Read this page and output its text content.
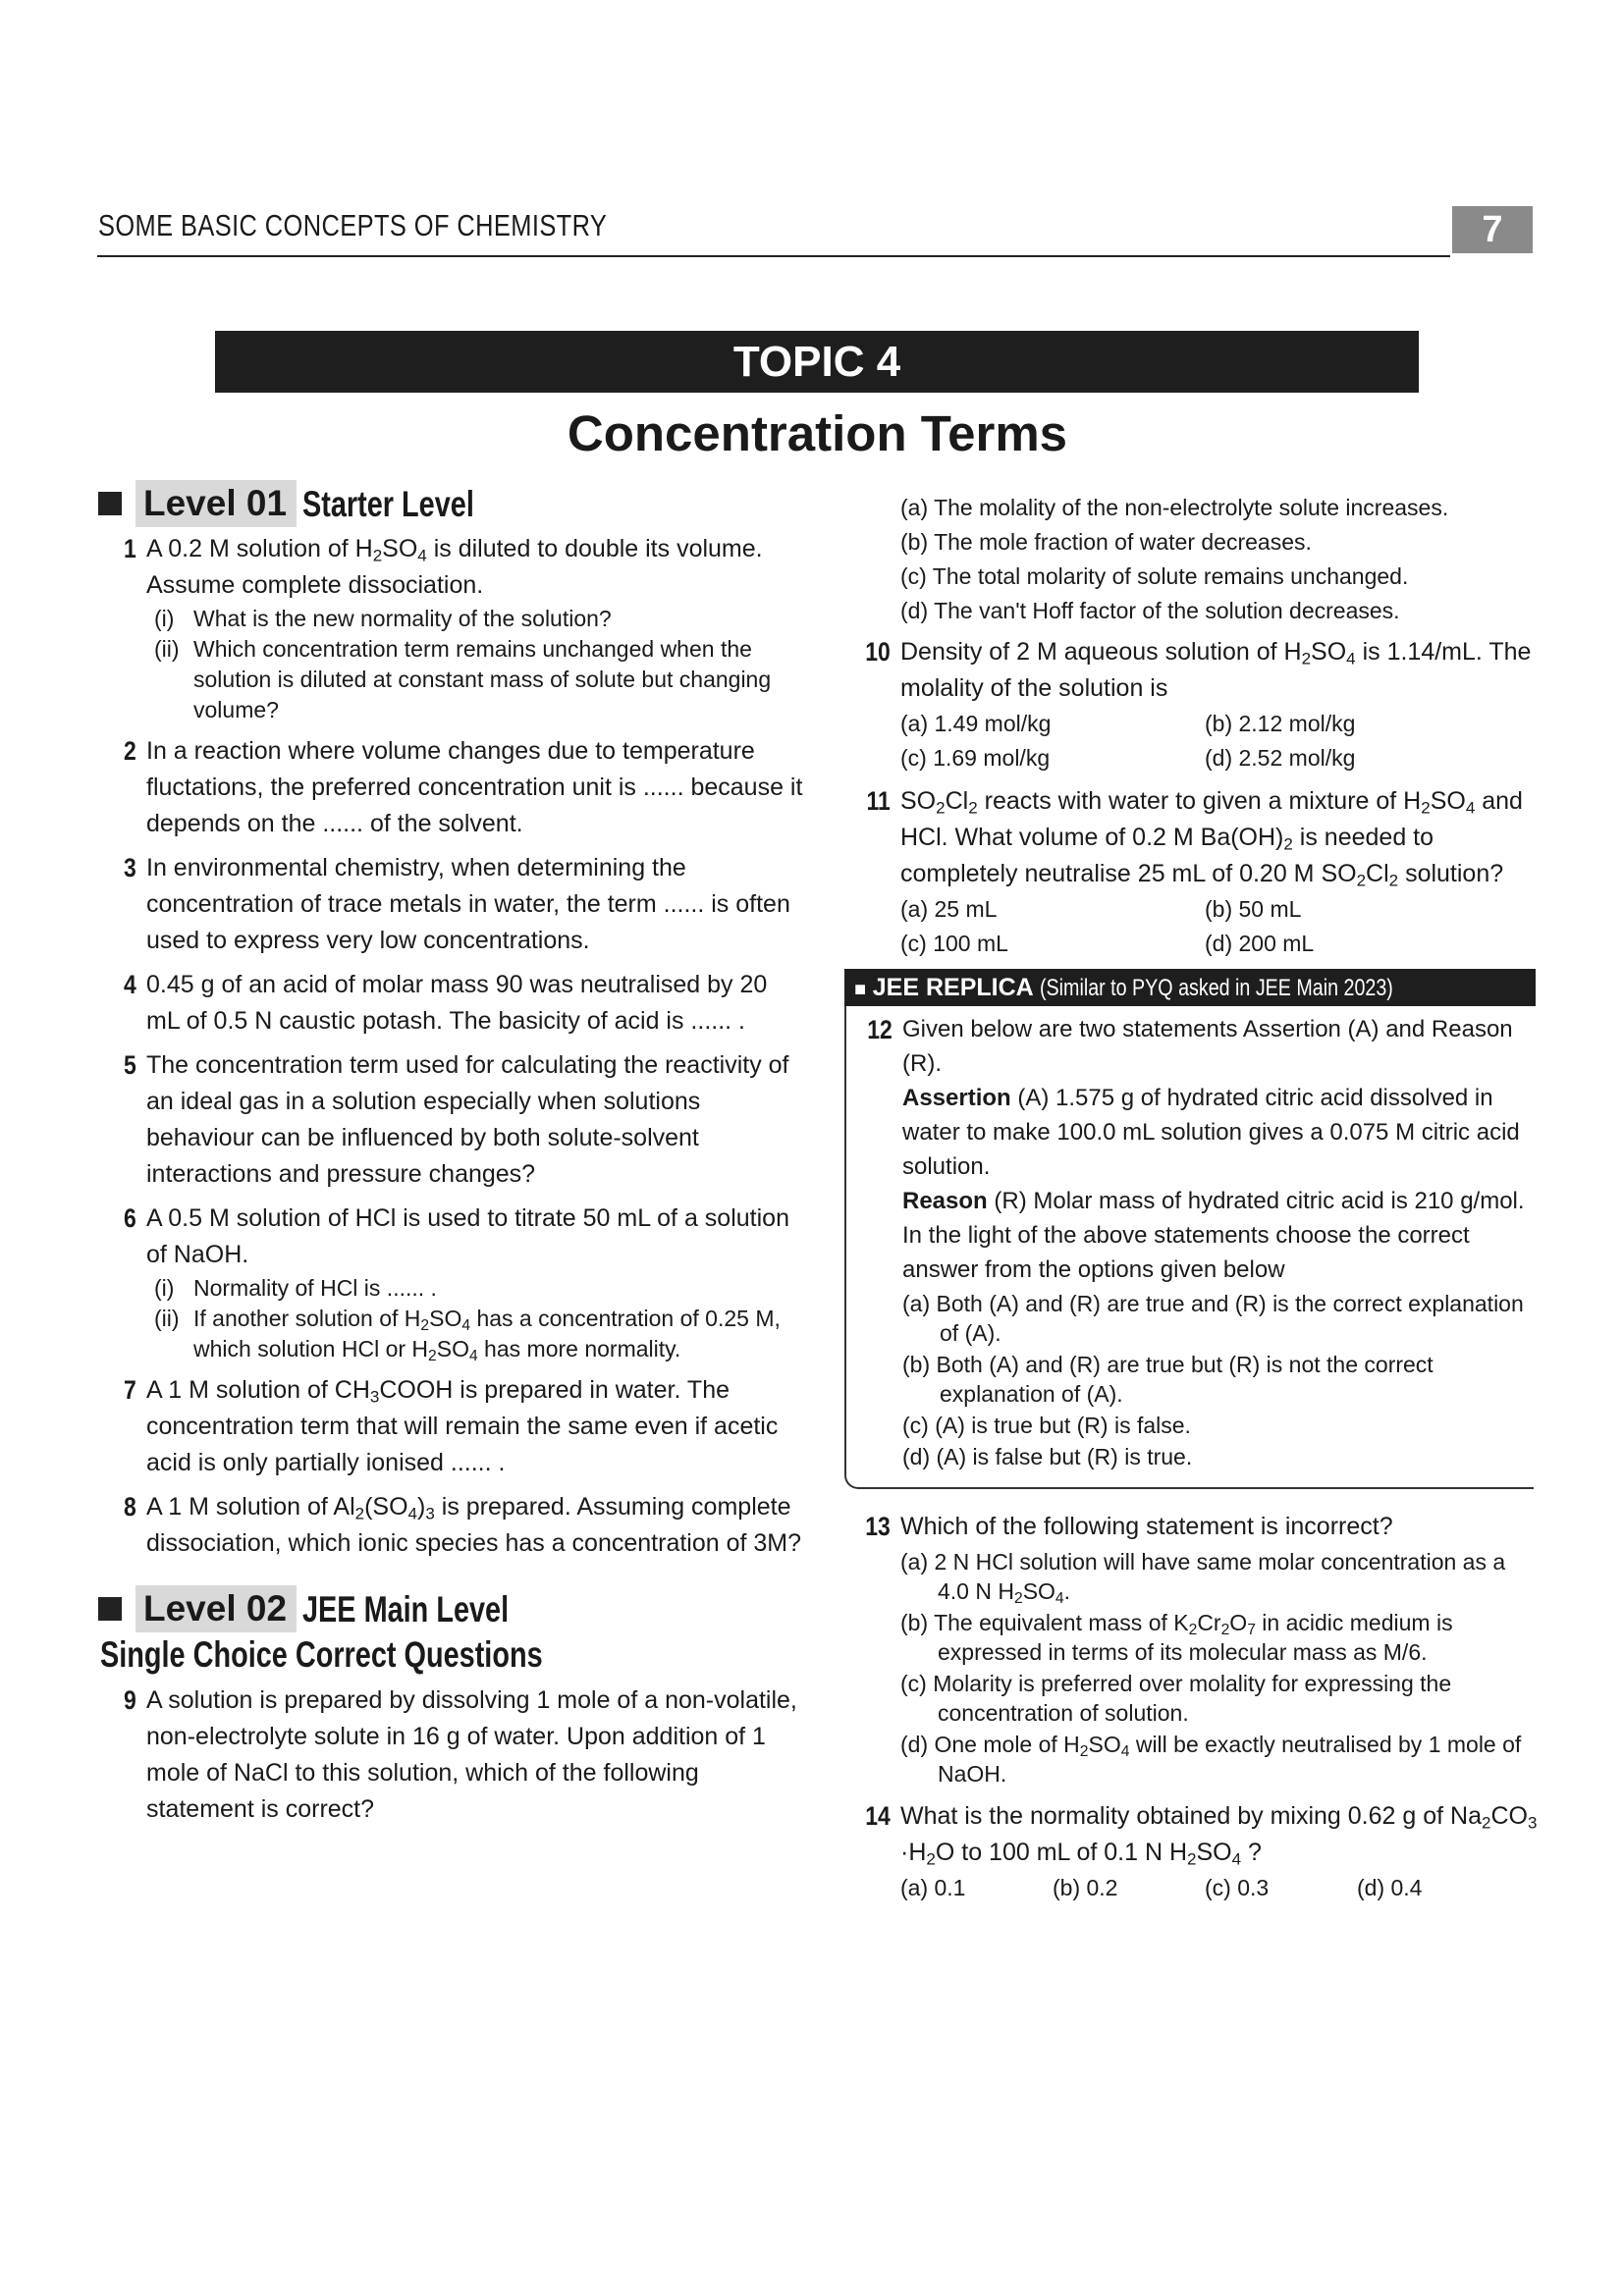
SOME BASIC CONCEPTS OF CHEMISTRY	7
TOPIC 4
Concentration Terms
Level 01 Starter Level
1 A 0.2 M solution of $H_2SO_4$ is diluted to double its volume. Assume complete dissociation.
(i) What is the new normality of the solution?
(ii) Which concentration term remains unchanged when the solution is diluted at constant mass of solute but changing volume?
2 In a reaction where volume changes due to temperature fluctations, the preferred concentration unit is ...... because it depends on the ...... of the solvent.
3 In environmental chemistry, when determining the concentration of trace metals in water, the term ...... is often used to express very low concentrations.
4 0.45 g of an acid of molar mass 90 was neutralised by 20 mL of 0.5 N caustic potash. The basicity of acid is ...... .
5 The concentration term used for calculating the reactivity of an ideal gas in a solution especially when solutions behaviour can be influenced by both solute-solvent interactions and pressure changes?
6 A 0.5 M solution of HCl is used to titrate 50 mL of a solution of NaOH.
(i) Normality of HCl is ...... .
(ii) If another solution of $H_2SO_4$ has a concentration of 0.25 M, which solution HCl or $H_2SO_4$ has more normality.
7 A 1 M solution of $CH_3COOH$ is prepared in water. The concentration term that will remain the same even if acetic acid is only partially ionised ...... .
8 A 1 M solution of $Al_2(SO_4)_3$ is prepared. Assuming complete dissociation, which ionic species has a concentration of 3M?
Level 02 JEE Main Level
Single Choice Correct Questions
9 A solution is prepared by dissolving 1 mole of a non-volatile, non-electrolyte solute in 16 g of water. Upon addition of 1 mole of NaCl to this solution, which of the following statement is correct?
(a) The molality of the non-electrolyte solute increases.
(b) The mole fraction of water decreases.
(c) The total molarity of solute remains unchanged.
(d) The van't Hoff factor of the solution decreases.
10 Density of 2 M aqueous solution of $H_2SO_4$ is 1.14/mL. The molality of the solution is
(a) 1.49 mol/kg	(b) 2.12 mol/kg
(c) 1.69 mol/kg	(d) 2.52 mol/kg
11 $SO_2Cl_2$ reacts with water to given a mixture of $H_2SO_4$ and HCl. What volume of 0.2 M $Ba(OH)_2$ is needed to completely neutralise 25 mL of 0.20 M $SO_2Cl_2$ solution?
(a) 25 mL	(b) 50 mL
(c) 100 mL	(d) 200 mL
■ JEE REPLICA (Similar to PYQ asked in JEE Main 2023)
12 Given below are two statements Assertion (A) and Reason (R).
Assertion (A) 1.575 g of hydrated citric acid dissolved in water to make 100.0 mL solution gives a 0.075 M citric acid solution.
Reason (R) Molar mass of hydrated citric acid is 210 g/mol.
In the light of the above statements choose the correct answer from the options given below
(a) Both (A) and (R) are true and (R) is the correct explanation of (A).
(b) Both (A) and (R) are true but (R) is not the correct explanation of (A).
(c) (A) is true but (R) is false.
(d) (A) is false but (R) is true.
13 Which of the following statement is incorrect?
(a) 2 N HCl solution will have same molar concentration as a 4.0 N $H_2SO_4$.
(b) The equivalent mass of $K_2Cr_2O_7$ in acidic medium is expressed in terms of its molecular mass as M/6.
(c) Molarity is preferred over molality for expressing the concentration of solution.
(d) One mole of $H_2SO_4$ will be exactly neutralised by 1 mole of NaOH.
14 What is the normality obtained by mixing 0.62 g of $Na_2CO_3 \cdot H_2O$ to 100 mL of 0.1 N $H_2SO_4$ ?
(a) 0.1	(b) 0.2	(c) 0.3	(d) 0.4
